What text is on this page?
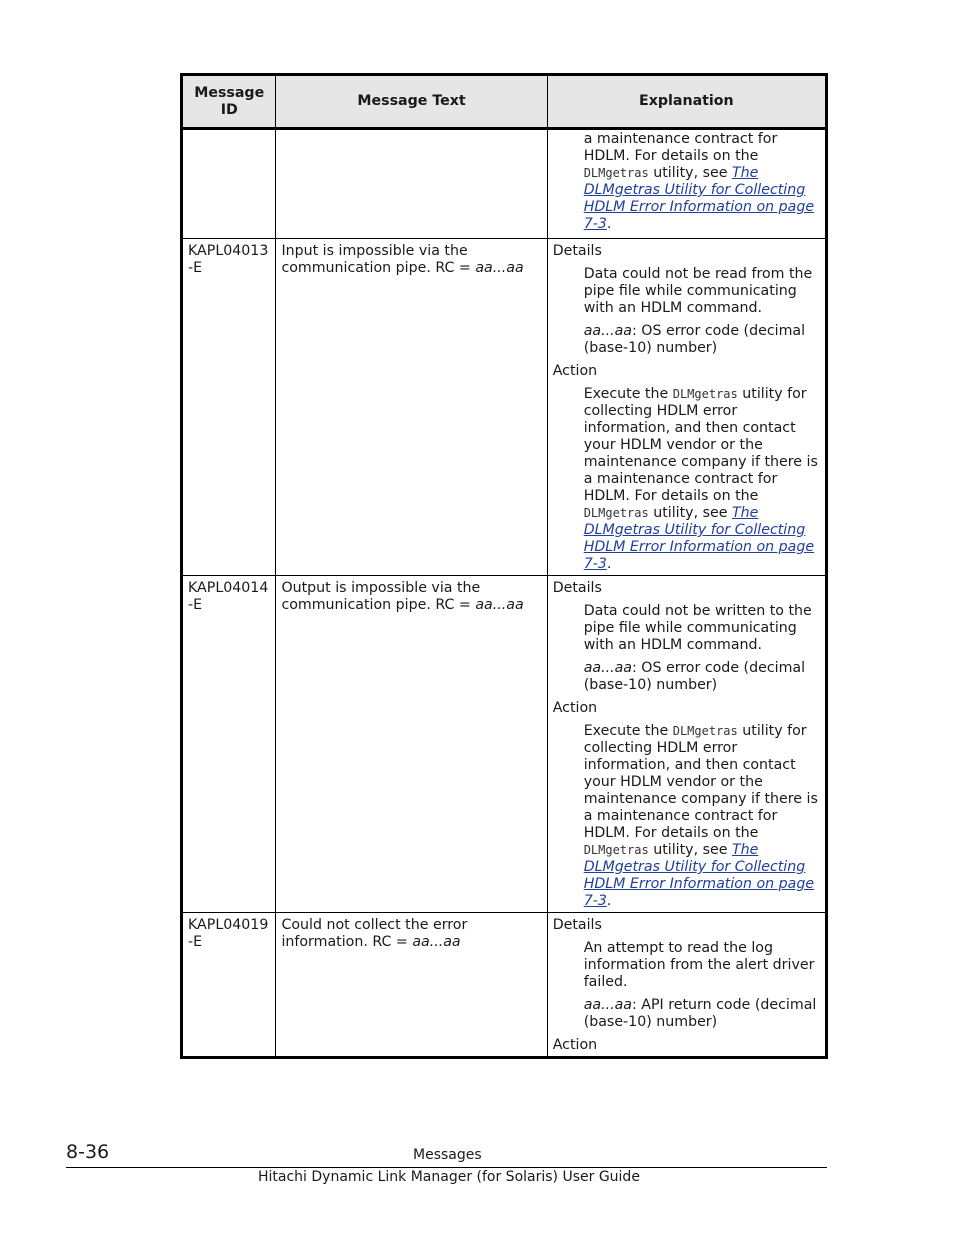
Message ID	Message Text	Explanation

		a maintenance contract for
HDLM. For details on the
DLMgetras utility, see The DLMgetras Utility for Collecting HDLM Error Information on page 7-3.

KAPL04013 -E	Input is impossible via the communication pipe. RC = aa...aa	Details
Data could not be read from the pipe file while communicating with an HDLM command.
aa...aa: OS error code (decimal (base-10) number)
Action
Execute the DLMgetras utility for collecting HDLM error information, and then contact your HDLM vendor or the maintenance company if there is a maintenance contract for HDLM. For details on the DLMgetras utility, see The DLMgetras Utility for Collecting HDLM Error Information on page 7-3.

KAPL04014 -E	Output is impossible via the communication pipe. RC = aa...aa	Details
Data could not be written to the pipe file while communicating with an HDLM command.
aa...aa: OS error code (decimal (base-10) number)
Action
Execute the DLMgetras utility for collecting HDLM error information, and then contact your HDLM vendor or the maintenance company if there is a maintenance contract for HDLM. For details on the DLMgetras utility, see The DLMgetras Utility for Collecting HDLM Error Information on page 7-3.

KAPL04019 -E	Could not collect the error information. RC = aa...aa	Details
An attempt to read the log information from the alert driver failed.
aa...aa: API return code (decimal (base-10) number)
Action
8-36	Messages
Hitachi Dynamic Link Manager (for Solaris) User Guide
